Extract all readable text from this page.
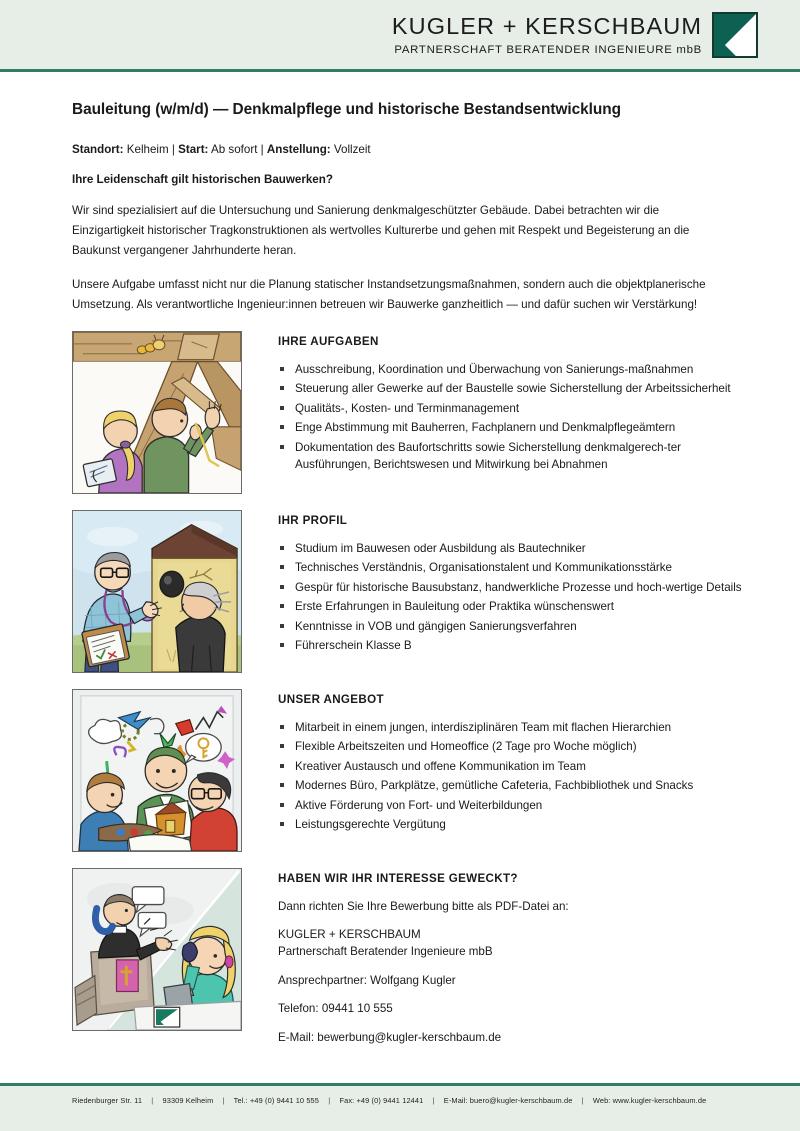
KUGLER + KERSCHBAUM
PARTNERSCHAFT BERATENDER INGENIEURE mbB
Bauleitung (w/m/d) — Denkmalpflege und historische Bestandsentwicklung
Standort: Kelheim | Start: Ab sofort | Anstellung: Vollzeit
Ihre Leidenschaft gilt historischen Bauwerken?

Wir sind spezialisiert auf die Untersuchung und Sanierung denkmalgeschützter Gebäude. Dabei betrachten wir die Einzigartigkeit historischer Tragkonstruktionen als wertvolles Kulturerbe und gehen mit Respekt und Begeisterung an die Baukunst vergangener Jahrhunderte heran.

Unsere Aufgabe umfasst nicht nur die Planung statischer Instandsetzungsmaßnahmen, sondern auch die objektplanerische Umsetzung. Als verantwortliche Ingenieur:innen betreuen wir Bauwerke ganzheitlich — und dafür suchen wir Verstärkung!

IHRE AUFGABEN
Ausschreibung, Koordination und Überwachung von Sanierungs-maßnahmen
Steuerung aller Gewerke auf der Baustelle sowie Sicherstellung der Arbeitssicherheit
Qualitäts-, Kosten- und Terminmanagement
Enge Abstimmung mit Bauherren, Fachplanern und Denkmalpflegeämtern
Dokumentation des Baufortschritts sowie Sicherstellung denkmalgerech-ter Ausführungen, Berichtswesen und Mitwirkung bei Abnahmen
IHR PROFIL
Studium im Bauwesen oder Ausbildung als Bautechniker
Technisches Verständnis, Organisationstalent und Kommunikationsstärke
Gespür für historische Bausubstanz, handwerkliche Prozesse und hoch-wertige Details
Erste Erfahrungen in Bauleitung oder Praktika wünschenswert
Kenntnisse in VOB und gängigen Sanierungsverfahren
Führerschein Klasse B
UNSER ANGEBOT
Mitarbeit in einem jungen, interdisziplinären Team mit flachen Hierarchien
Flexible Arbeitszeiten und Homeoffice (2 Tage pro Woche möglich)
Kreativer Austausch und offene Kommunikation im Team
Modernes Büro, Parkplätze, gemütliche Cafeteria, Fachbibliothek und Snacks
Aktive Förderung von Fort- und Weiterbildungen
Leistungsgerechte Vergütung
HABEN WIR IHR INTERESSE GEWECKT?

Dann richten Sie Ihre Bewerbung bitte als PDF-Datei an:

KUGLER + KERSCHBAUM
Partnerschaft Beratender Ingenieure mbB

Ansprechpartner: Wolfgang Kugler

Telefon: 09441 10 555

E-Mail: bewerbung@kugler-kerschbaum.de

Riedenburger Str. 11 | 93309 Kelheim | Tel.: +49 (0) 9441 10 555 | Fax: +49 (0) 9441 12441 | E-Mail: buero@kugler-kerschbaum.de | Web: www.kugler-kerschbaum.de
